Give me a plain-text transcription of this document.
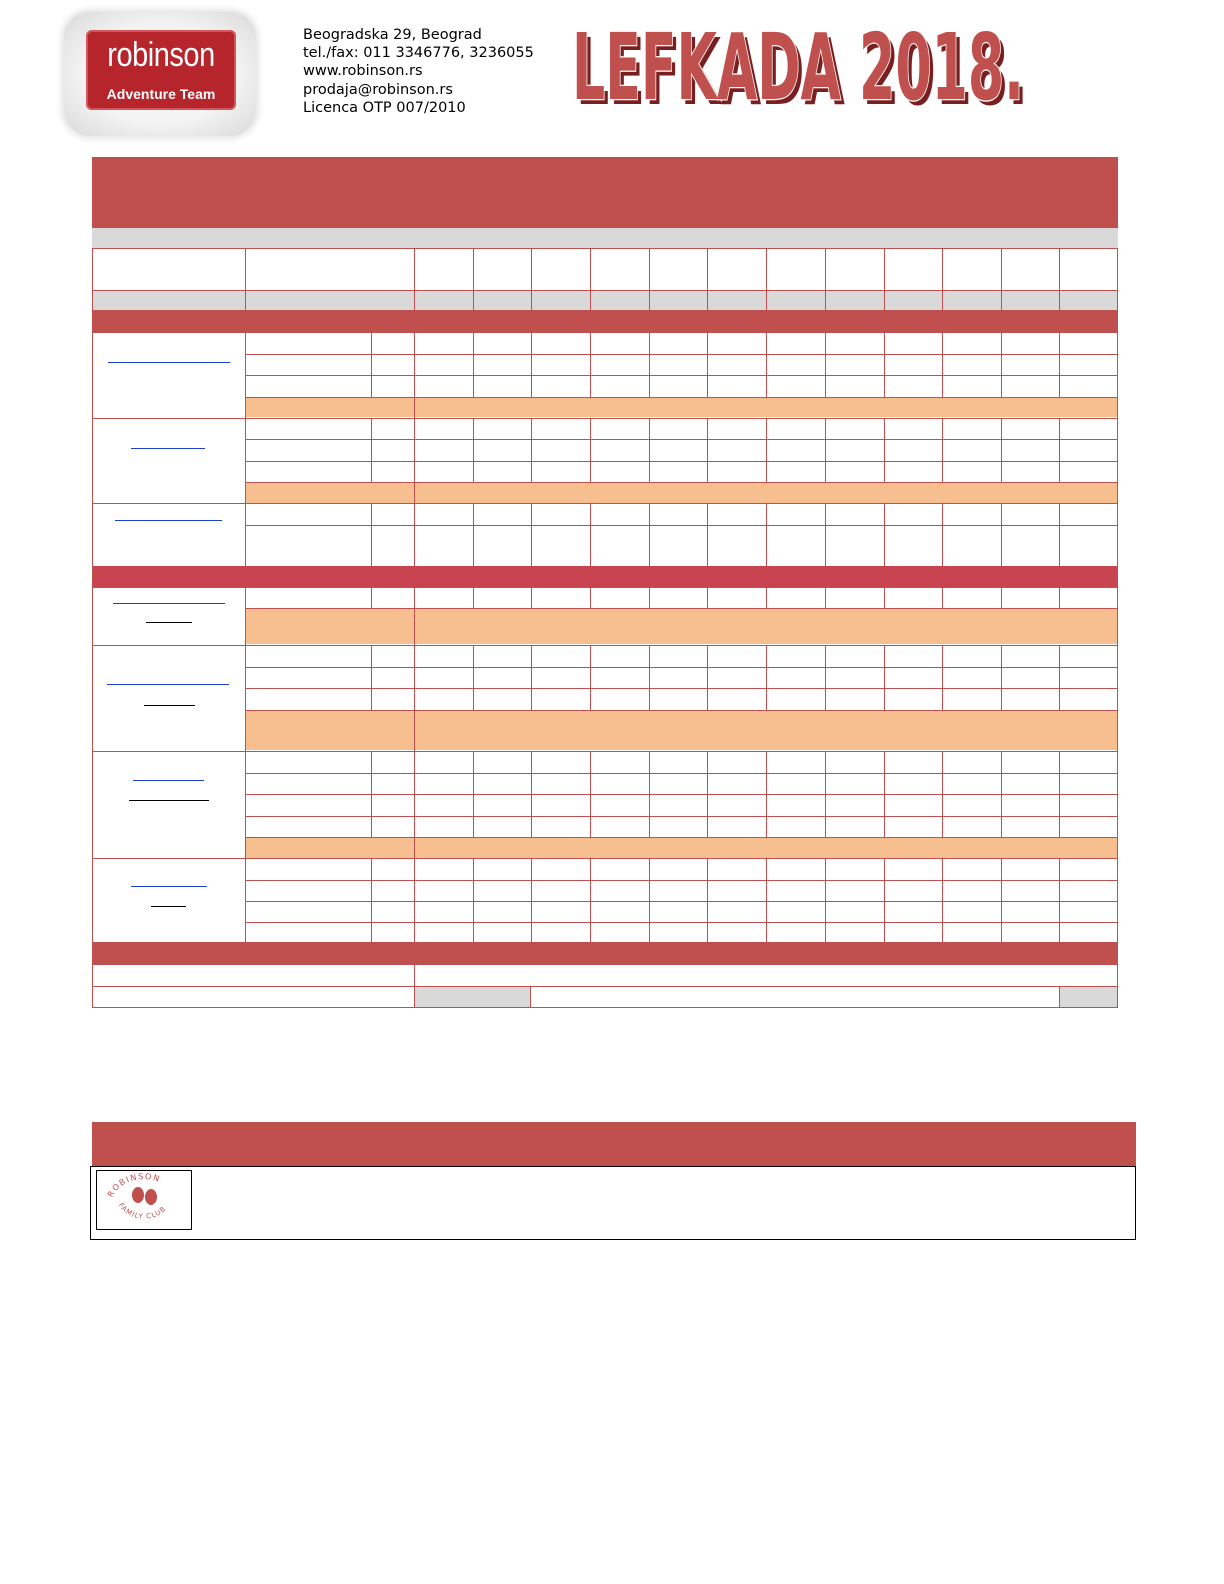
robinson
Adventure Team
Beogradska 29, Beograd
tel./fax: 011 3346776, 3236055
www.robinson.rs
prodaja@robinson.rs
Licenca OTP 007/2010	LEFKADA 2018.
LEFKADA 2018.
ROBINSON
FAMILY CLUB
